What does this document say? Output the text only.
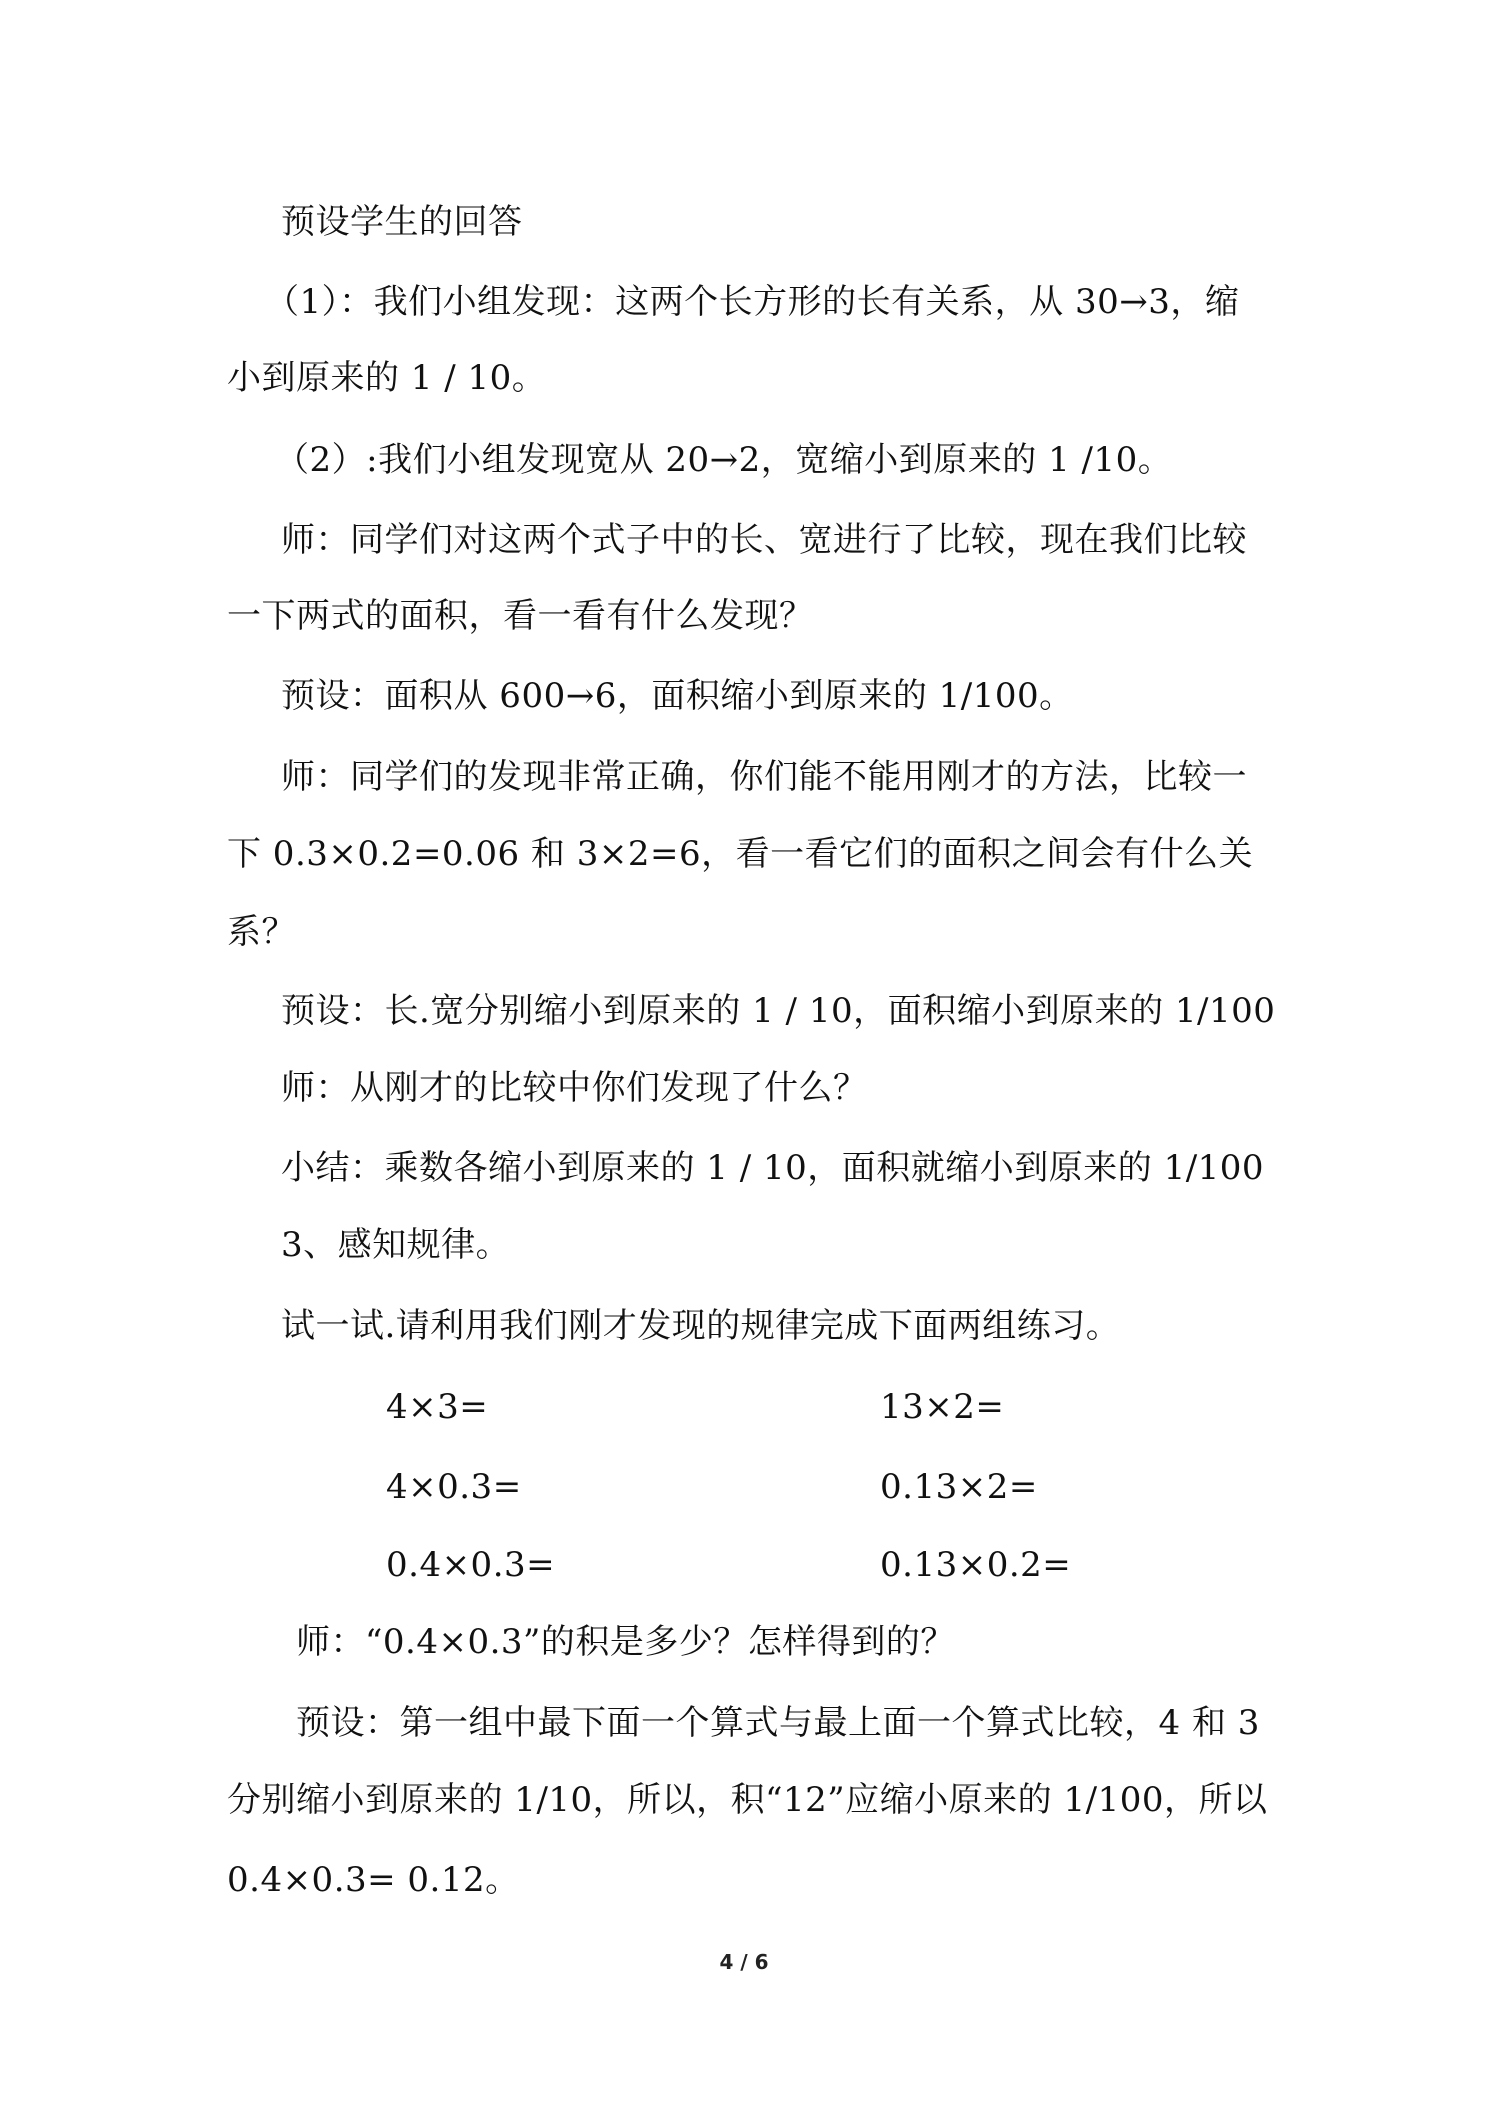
预设学生的回答
（1）：我们小组发现：这两个长方形的长有关系，从 30→3，缩
小到原来的 1 / 10。
（2）:我们小组发现宽从 20→2，宽缩小到原来的 1 /10。
师：同学们对这两个式子中的长、宽进行了比较，现在我们比较
一下两式的面积，看一看有什么发现？
预设：面积从 600→6，面积缩小到原来的 1/100。
师：同学们的发现非常正确，你们能不能用刚才的方法，比较一
下 0.3×0.2=0.06 和 3×2=6，看一看它们的面积之间会有什么关
系？
预设：长.宽分别缩小到原来的 1 / 10，面积缩小到原来的 1/100
师：从刚才的比较中你们发现了什么？
小结：乘数各缩小到原来的 1 / 10，面积就缩小到原来的 1/100
3、感知规律。
试一试.请利用我们刚才发现的规律完成下面两组练习。
4×3=	13×2=
4×0.3=	0.13×2=
0.4×0.3=	0.13×0.2=
师：“0.4×0.3”的积是多少？怎样得到的？
预设：第一组中最下面一个算式与最上面一个算式比较，4 和 3
分别缩小到原来的 1/10，所以，积“12”应缩小原来的 1/100，所以
0.4×0.3= 0.12。
4 / 6
